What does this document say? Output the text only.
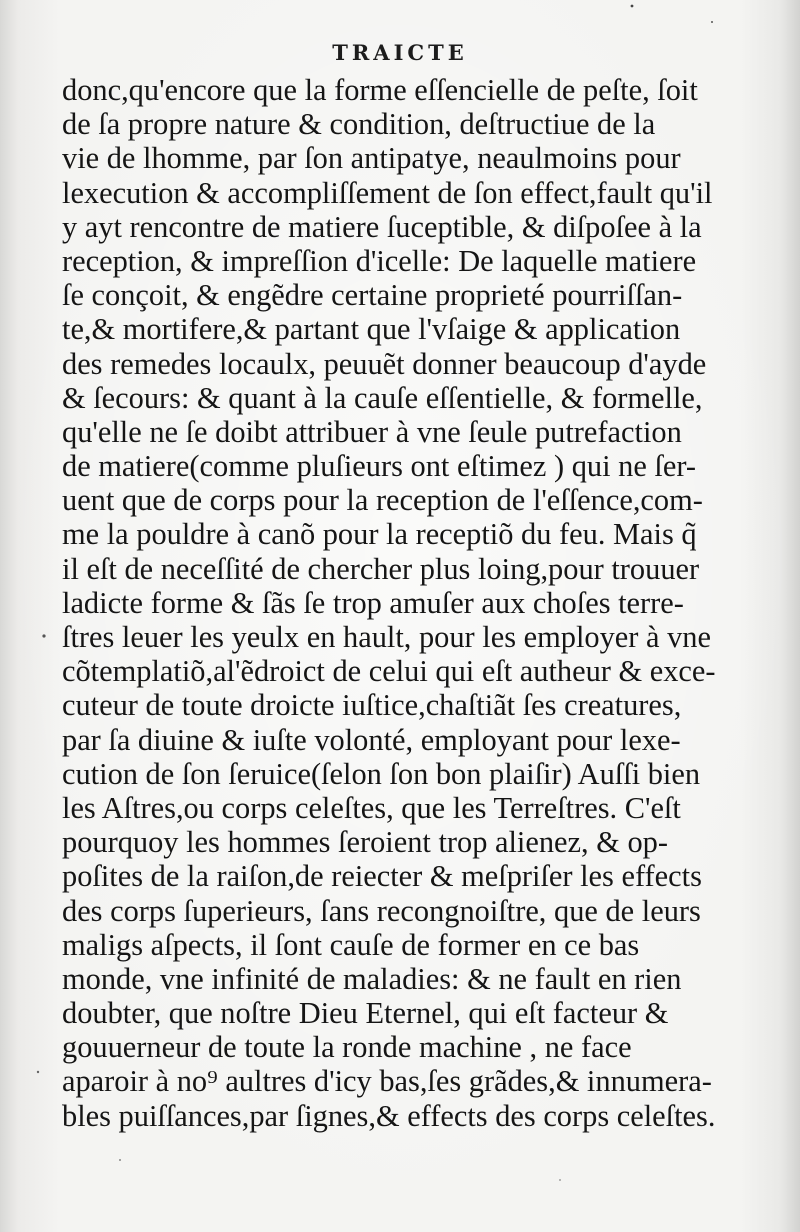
TRAICTE
donc,qu'encore que la forme eſſencielle de peſte, ſoit
de ſa propre nature & condition, deſtructiue de la
vie de lhomme, par ſon antipatye, neaulmoins pour
lexecution & accompliſſement de ſon effect,fault qu'il
y ayt rencontre de matiere ſuceptible, & diſpoſee à la
reception, & impreſſion d'icelle: De laquelle matiere
ſe conçoit, & engẽdre certaine proprieté pourriſſan-
te,& mortifere,& partant que l'vſaige & application
des remedes locaulx, peuuẽt donner beaucoup d'ayde
& ſecours: & quant à la cauſe eſſentielle, & formelle,
qu'elle ne ſe doibt attribuer à vne ſeule putrefaction
de matiere(comme pluſieurs ont eſtimez ) qui ne ſer-
uent que de corps pour la reception de l'eſſence,com-
me la pouldre à canõ pour la receptiõ du feu. Mais q̃
il eſt de neceſſité de chercher plus loing,pour trouuer
ladicte forme & ſãs ſe trop amuſer aux choſes terre-
ſtres leuer les yeulx en hault, pour les employer à vne
cõtemplatiõ,al'ẽdroict de celui qui eſt autheur & exce-
cuteur de toute droicte iuſtice,chaſtiãt ſes creatures,
par ſa diuine & iuſte volonté, employant pour lexe-
cution de ſon ſeruice(ſelon ſon bon plaiſir) Auſſi bien
les Aſtres,ou corps celeſtes, que les Terreſtres. C'eſt
pourquoy les hommes ſeroient trop alienez, & op-
poſites de la raiſon,de reiecter & meſpriſer les effects
des corps ſuperieurs, ſans recongnoiſtre, que de leurs
maligs aſpects, il ſont cauſe de former en ce bas
monde, vne infinité de maladies: & ne fault en rien
doubter, que noſtre Dieu Eternel, qui eſt facteur &
gouuerneur de toute la ronde machine , ne face
aparoir à no⁹ aultres d'icy bas,ſes grãdes,& innumera-
bles puiſſances,par ſignes,& effects des corps celeſtes.
